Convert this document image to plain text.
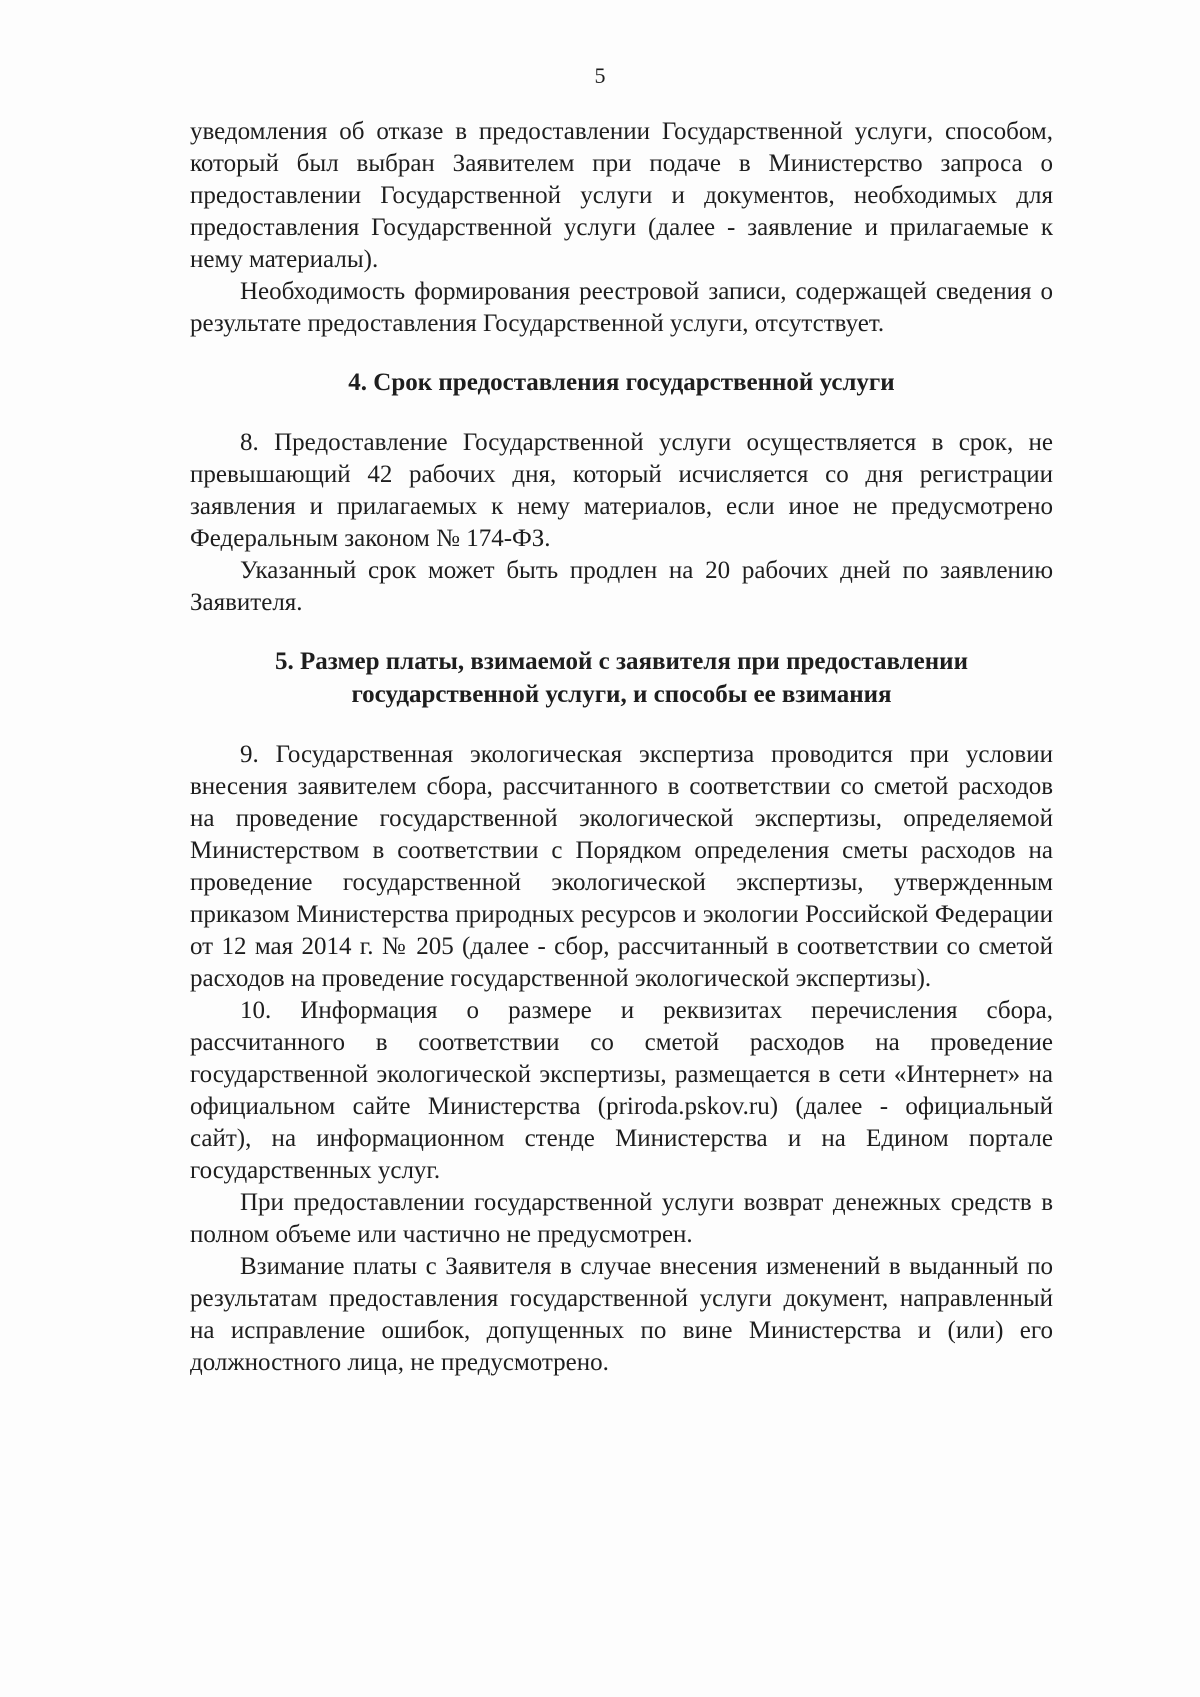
5

уведомления об отказе в предоставлении Государственной услуги, способом, который был выбран Заявителем при подаче в Министерство запроса о предоставлении Государственной услуги и документов, необходимых для предоставления Государственной услуги (далее - заявление и прилагаемые к нему материалы).

Необходимость формирования реестровой записи, содержащей сведения о результате предоставления Государственной услуги, отсутствует.

4. Срок предоставления государственной услуги

8. Предоставление Государственной услуги осуществляется в срок, не превышающий 42 рабочих дня, который исчисляется со дня регистрации заявления и прилагаемых к нему материалов, если иное не предусмотрено Федеральным законом № 174-ФЗ.

Указанный срок может быть продлен на 20 рабочих дней по заявлению Заявителя.

5. Размер платы, взимаемой с заявителя при предоставлении
государственной услуги, и способы ее взимания

9. Государственная экологическая экспертиза проводится при условии внесения заявителем сбора, рассчитанного в соответствии со сметой расходов на проведение государственной экологической экспертизы, определяемой Министерством в соответствии с Порядком определения сметы расходов на проведение государственной экологической экспертизы, утвержденным приказом Министерства природных ресурсов и экологии Российской Федерации от 12 мая 2014 г. № 205 (далее - сбор, рассчитанный в соответствии со сметой расходов на проведение государственной экологической экспертизы).

10. Информация о размере и реквизитах перечисления сбора, рассчитанного в соответствии со сметой расходов на проведение государственной экологической экспертизы, размещается в сети «Интернет» на официальном сайте Министерства (priroda.pskov.ru) (далее - официальный сайт), на информационном стенде Министерства и на Едином портале государственных услуг.

При предоставлении государственной услуги возврат денежных средств в полном объеме или частично не предусмотрен.

Взимание платы с Заявителя в случае внесения изменений в выданный по результатам предоставления государственной услуги документ, направленный на исправление ошибок, допущенных по вине Министерства и (или) его должностного лица, не предусмотрено.
